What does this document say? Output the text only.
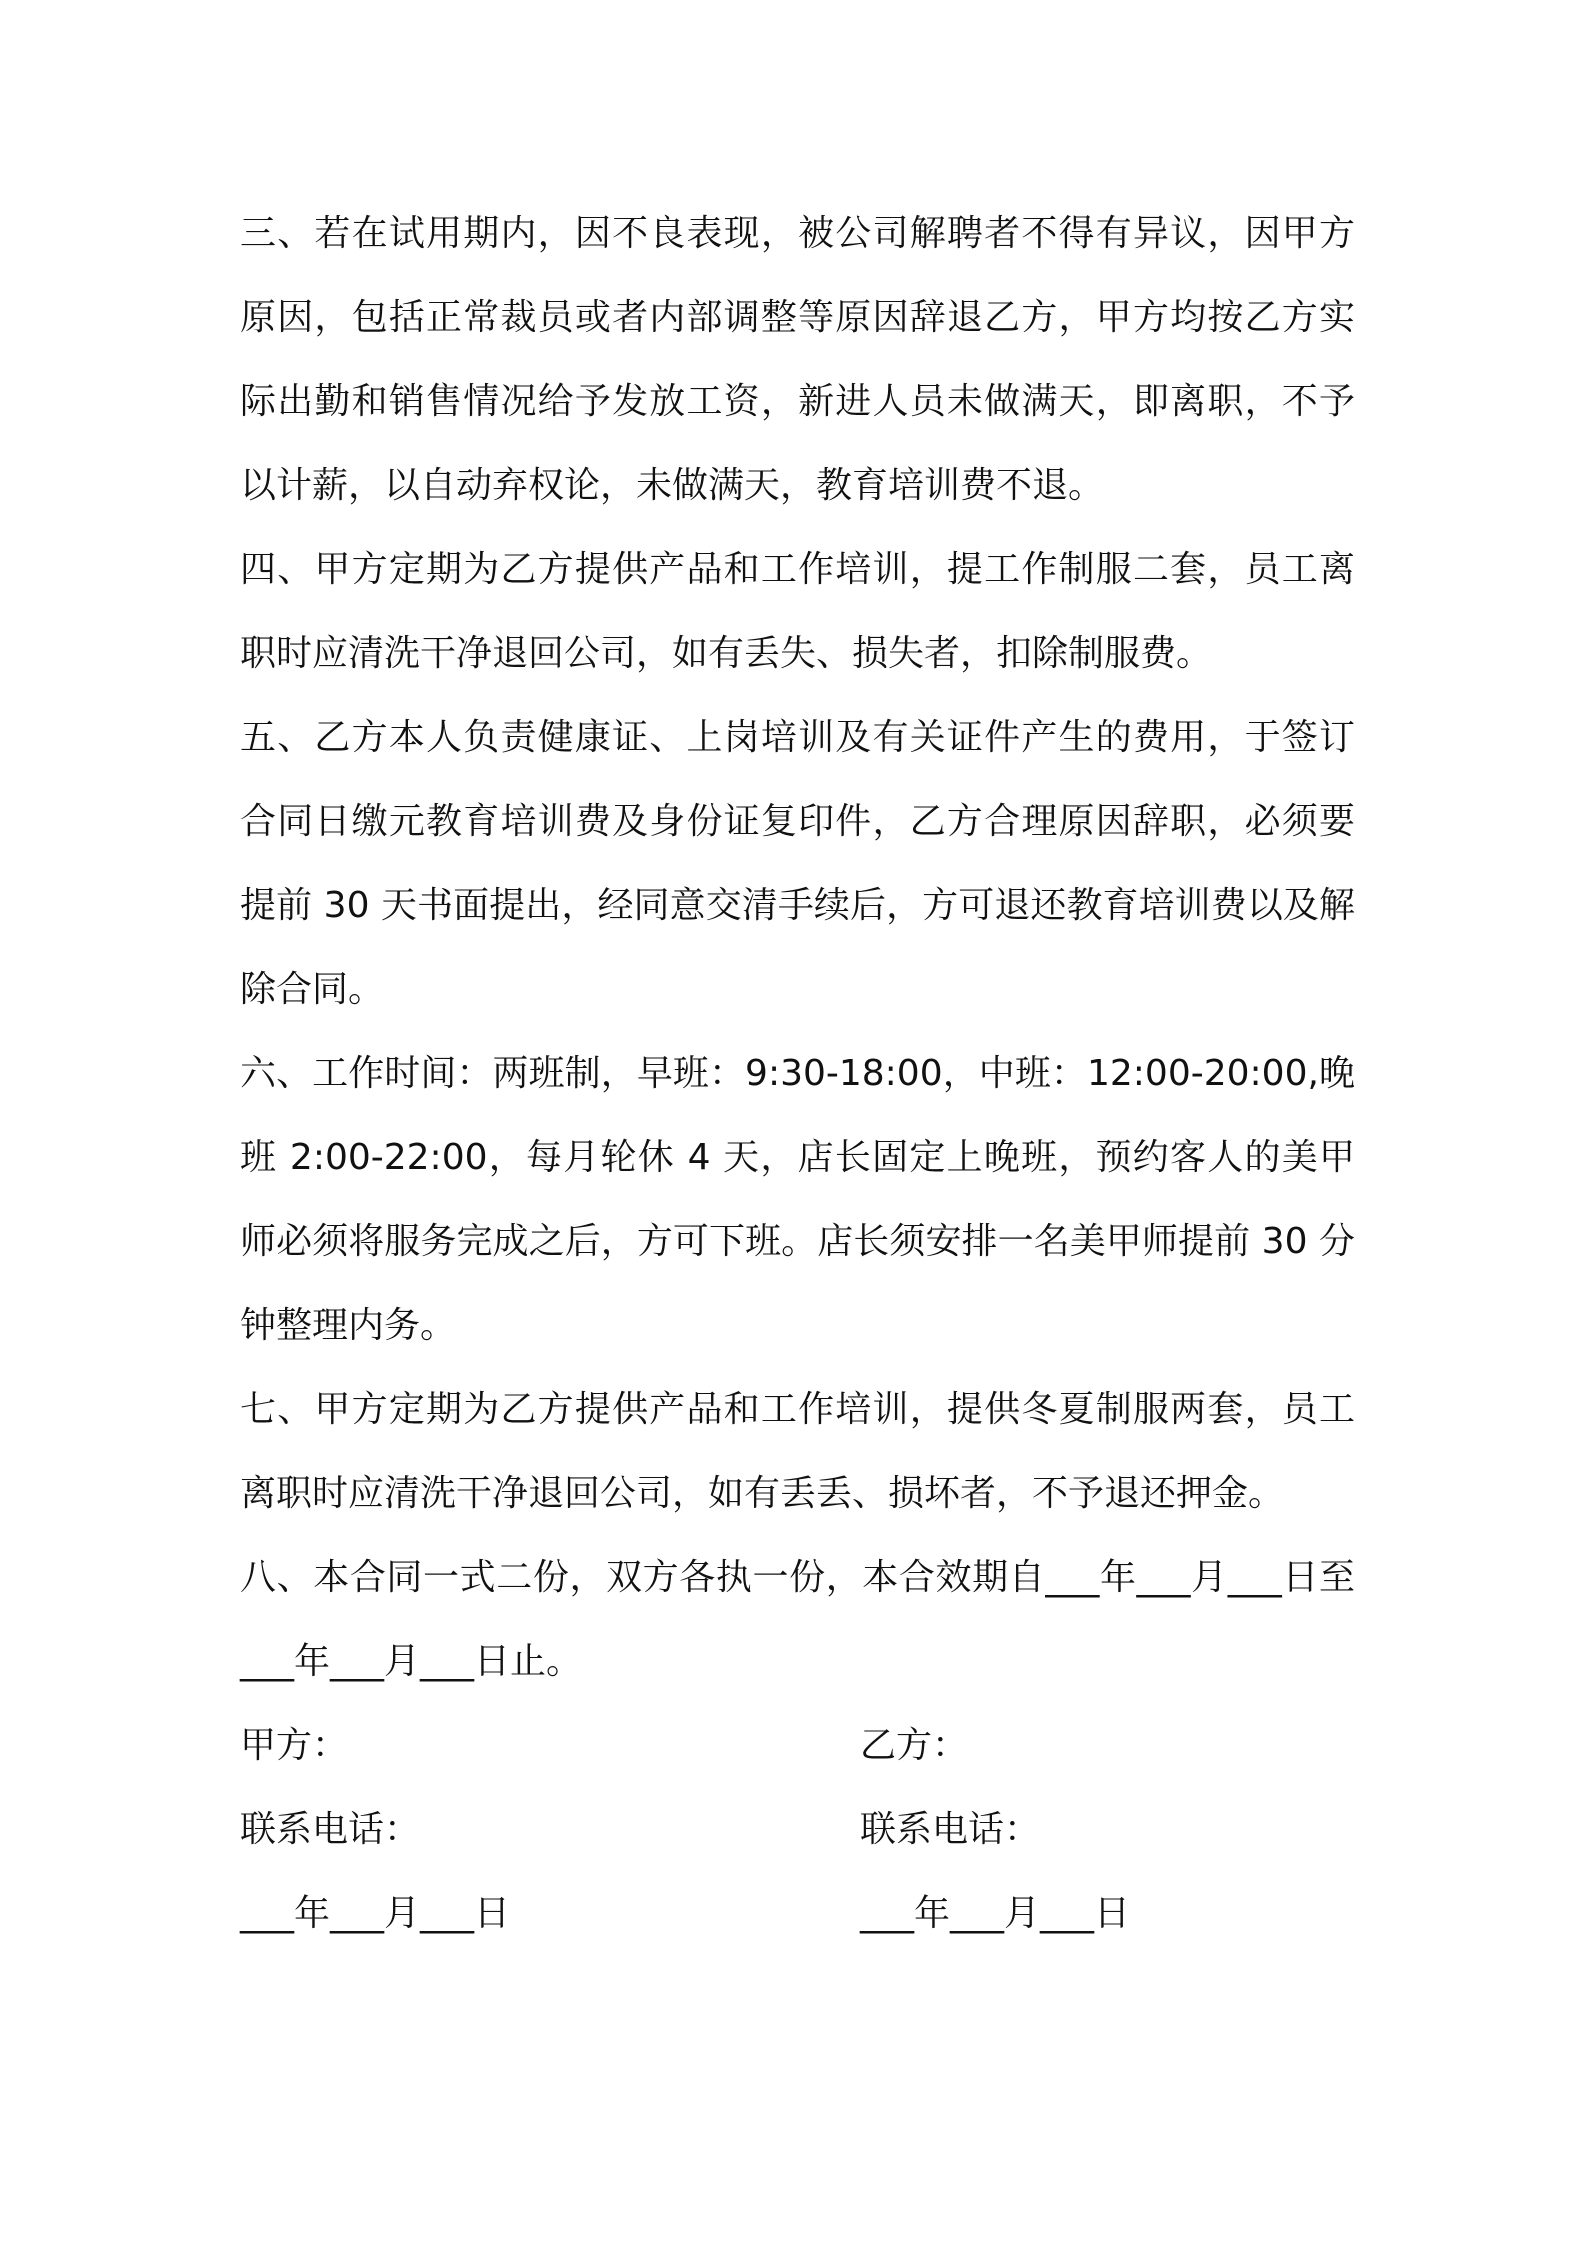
三、若在试用期内，因不良表现，被公司解聘者不得有异议，因甲方原因，包括正常裁员或者内部调整等原因辞退乙方，甲方均按乙方实际出勤和销售情况给予发放工资，新进人员未做满天，即离职，不予以计薪，以自动弃权论，未做满天，教育培训费不退。

四、甲方定期为乙方提供产品和工作培训，提工作制服二套，员工离职时应清洗干净退回公司，如有丢失、损失者，扣除制服费。

五、乙方本人负责健康证、上岗培训及有关证件产生的费用，于签订合同日缴元教育培训费及身份证复印件，乙方合理原因辞职，必须要提前 30 天书面提出，经同意交清手续后，方可退还教育培训费以及解除合同。

六、工作时间：两班制，早班：9:30-18:00，中班：12:00-20:00,晚班 2:00-22:00，每月轮休 4 天，店长固定上晚班，预约客人的美甲师必须将服务完成之后，方可下班。店长须安排一名美甲师提前 30 分钟整理内务。

七、甲方定期为乙方提供产品和工作培训，提供冬夏制服两套，员工离职时应清洗干净退回公司，如有丢丢、损坏者，不予退还押金。

八、本合同一式二份，双方各执一份，本合效期自___年___月___日至___年___月___日止。

甲方：	乙方：
联系电话：	联系电话：
___年___月___日	___年___月___日
